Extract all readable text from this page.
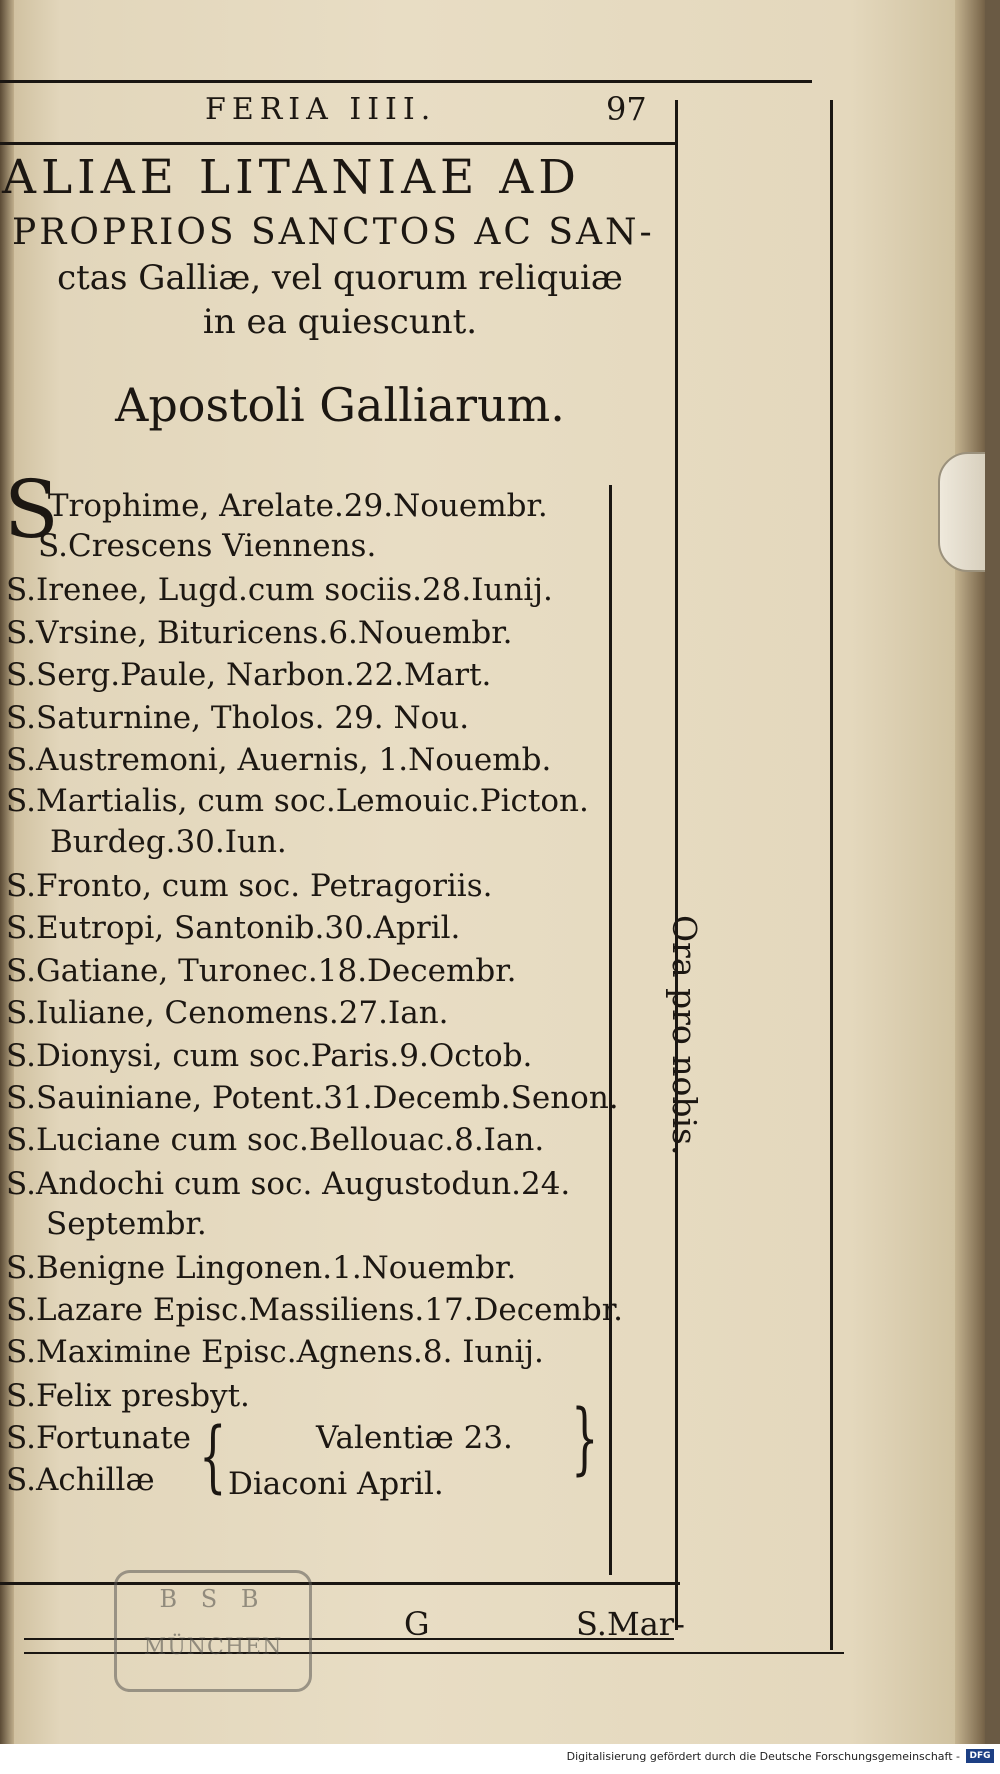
FERIA IIII.	97
ALIAE LITANIAE AD
PROPRIOS SANCTOS AC SAN-
ctas Galliæ, vel quorum reliquiæ
in ea quiescunt.
Apostoli Galliarum.
S
.Trophime, Arelate.29.Nouembr.
S.Crescens Viennens.
S.Irenee, Lugd.cum sociis.28.Iunij.
S.Vrsine, Bituricens.6.Nouembr.
S.Serg.Paule, Narbon.22.Mart.
S.Saturnine, Tholos. 29. Nou.
S.Austremoni, Auernis, 1.Nouemb.
S.Martialis, cum soc.Lemouic.Picton.
Burdeg.30.Iun.
S.Fronto, cum soc. Petragoriis.
S.Eutropi, Santonib.30.April.
S.Gatiane, Turonec.18.Decembr.
S.Iuliane, Cenomens.27.Ian.
S.Dionysi, cum soc.Paris.9.Octob.
S.Sauiniane, Potent.31.Decemb.Senon.
S.Luciane cum soc.Bellouac.8.Ian.
S.Andochi cum soc. Augustodun.24.
Septembr.
S.Benigne Lingonen.1.Nouembr.
S.Lazare Episc.Massiliens.17.Decembr.
S.Maximine Episc.Agnens.8. Iunij.
S.Felix presbyt.
S.Fortunate
S.Achillæ {	Valentiæ 23.
Diaconi April. }
Ora pro nobis.
B S B
MÜNCHEN
G	S.Mar-
Digitalisierung gefördert durch die Deutsche Forschungsgemeinschaft -	DFG
